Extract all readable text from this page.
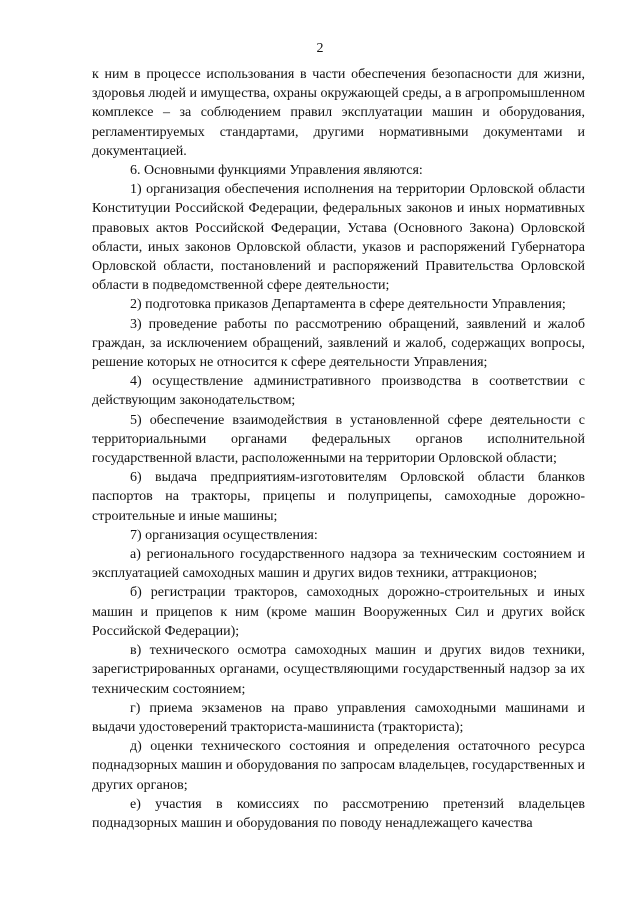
2

к ним в процессе использования в части обеспечения безопасности для жизни, здоровья людей и имущества, охраны окружающей среды, а в агропромышленном комплексе – за соблюдением правил эксплуатации машин и оборудования, регламентируемых стандартами, другими нормативными документами и документацией.

6. Основными функциями Управления являются:

1) организация обеспечения исполнения на территории Орловской области Конституции Российской Федерации, федеральных законов и иных нормативных правовых актов Российской Федерации, Устава (Основного Закона) Орловской области, иных законов Орловской области, указов и распоряжений Губернатора Орловской области, постановлений и распоряжений Правительства Орловской области в подведомственной сфере деятельности;

2) подготовка приказов Департамента в сфере деятельности Управления;

3) проведение работы по рассмотрению обращений, заявлений и жалоб граждан, за исключением обращений, заявлений и жалоб, содержащих вопросы, решение которых не относится к сфере деятельности Управления;

4) осуществление административного производства в соответствии с действующим законодательством;

5) обеспечение взаимодействия в установленной сфере деятельности с территориальными органами федеральных органов исполнительной государственной власти, расположенными на территории Орловской области;

6) выдача предприятиям-изготовителям Орловской области бланков паспортов на тракторы, прицепы и полуприцепы, самоходные дорожно-строительные и иные машины;

7) организация осуществления:

а) регионального государственного надзора за техническим состоянием и эксплуатацией самоходных машин и других видов техники, аттракционов;

б) регистрации тракторов, самоходных дорожно-строительных и иных машин и прицепов к ним (кроме машин Вооруженных Сил и других войск Российской Федерации);

в) технического осмотра самоходных машин и других видов техники, зарегистрированных органами, осуществляющими государственный надзор за их техническим состоянием;

г) приема экзаменов на право управления самоходными машинами и выдачи удостоверений тракториста-машиниста (тракториста);

д) оценки технического состояния и определения остаточного ресурса поднадзорных машин и оборудования по запросам владельцев, государственных и других органов;

е) участия в комиссиях по рассмотрению претензий владельцев поднадзорных машин и оборудования по поводу ненадлежащего качества
